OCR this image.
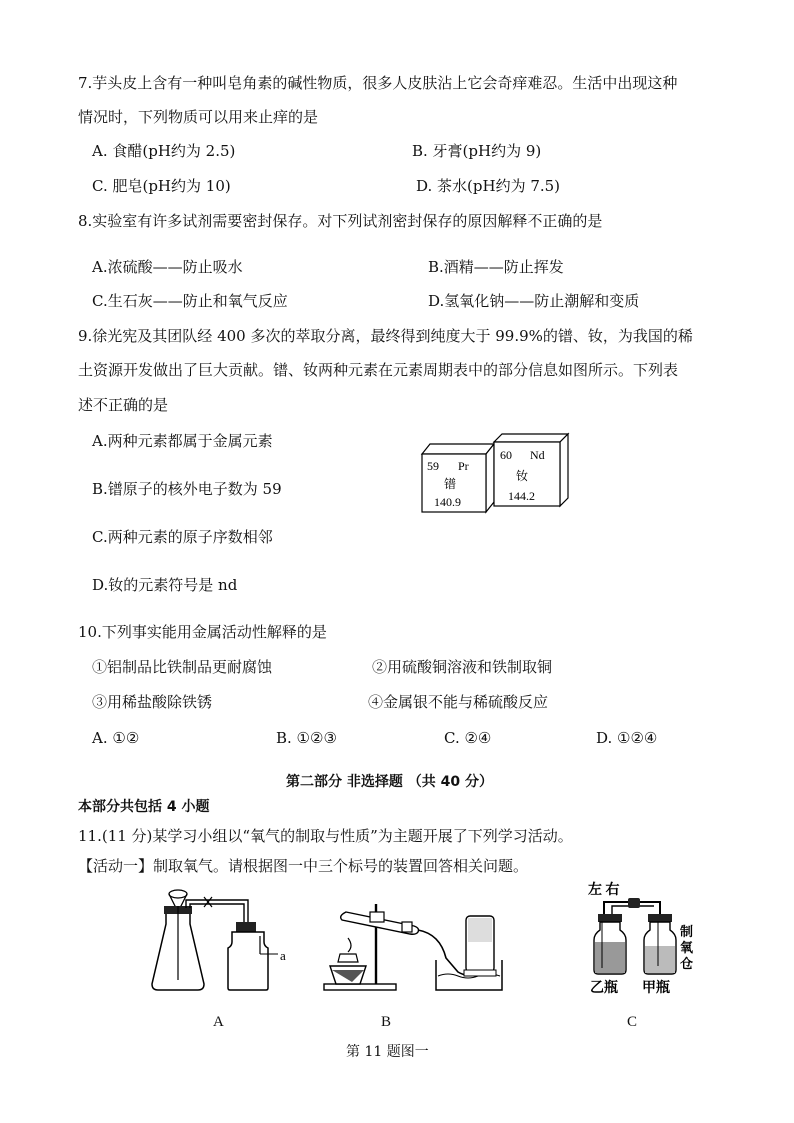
7.芋头皮上含有一种叫皂角素的碱性物质，很多人皮肤沾上它会奇痒难忍。生活中出现这种
情况时，下列物质可以用来止痒的是
A. 食醋(pH约为 2.5)	B. 牙膏(pH约为 9)
C. 肥皂(pH约为 10)	D. 茶水(pH约为 7.5)
8.实验室有许多试剂需要密封保存。对下列试剂密封保存的原因解释不正确的是
A.浓硫酸——防止吸水	B.酒精——防止挥发
C.生石灰——防止和氧气反应	D.氢氧化钠——防止潮解和变质
9.徐光宪及其团队经 400 多次的萃取分离，最终得到纯度大于 99.9%的镨、钕，为我国的稀
土资源开发做出了巨大贡献。镨、钕两种元素在元素周期表中的部分信息如图所示。下列表
述不正确的是
A.两种元素都属于金属元素
B.镨原子的核外电子数为 59
C.两种元素的原子序数相邻
D.钕的元素符号是 nd
59 Pr
镨
140.9
60 Nd
钕
144.2
10.下列事实能用金属活动性解释的是
①铝制品比铁制品更耐腐蚀	②用硫酸铜溶液和铁制取铜
③用稀盐酸除铁锈	④金属银不能与稀硫酸反应
A. ①②	B. ①②③	C. ②④	D. ①②④
第二部分 非选择题 （共 40 分）
本部分共包括 4 小题
11.(11 分)某学习小组以“氧气的制取与性质”为主题开展了下列学习活动。
【活动一】制取氧气。请根据图一中三个标号的装置回答相关问题。
a
左 右
制
氧
仓
乙瓶 甲瓶
A	B	C
第 11 题图一
